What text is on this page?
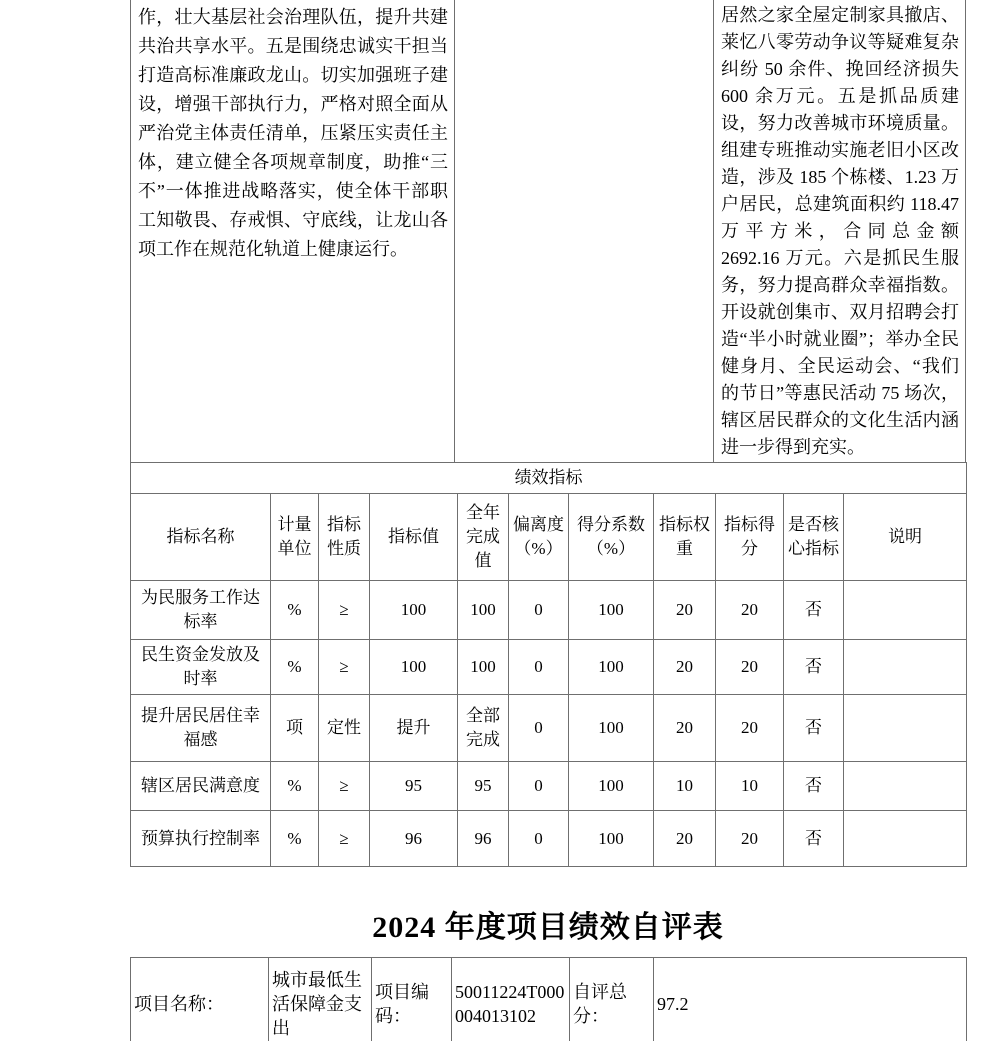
作，壮大基层社会治理队伍，提升共建共治共享水平。五是围绕忠诚实干担当打造高标准廉政龙山。切实加强班子建设，增强干部执行力，严格对照全面从严治党主体责任清单，压紧压实责任主体，建立健全各项规章制度，助推“三不”一体推进战略落实，使全体干部职工知敬畏、存戒惧、守底线，让龙山各项工作在规范化轨道上健康运行。
居然之家全屋定制家具撤店、莱忆八零劳动争议等疑难复杂纠纷 50 余件、挽回经济损失 600 余万元。五是抓品质建设，努力改善城市环境质量。组建专班推动实施老旧小区改造，涉及 185 个栋楼、1.23 万户居民，总建筑面积约 118.47 万平方米，合同总金额 2692.16 万元。六是抓民生服务，努力提高群众幸福指数。开设就创集市、双月招聘会打造“半小时就业圈”；举办全民健身月、全民运动会、“我们的节日”等惠民活动 75 场次，辖区居民群众的文化生活内涵进一步得到充实。
绩效指标										
指标名称	计量单位	指标性质	指标值	全年完成值	偏离度（%）	得分系数（%）	指标权重	指标得分	是否核心指标	说明
为民服务工作达标率	%	≥	100	100	0	100	20	20	否	
民生资金发放及时率	%	≥	100	100	0	100	20	20	否	
提升居民居住幸福感	项	定性	提升	全部完成	0	100	20	20	否	
辖区居民满意度	%	≥	95	95	0	100	10	10	否	
预算执行控制率	%	≥	96	96	0	100	20	20	否	
2024 年度项目绩效自评表
项目名称：	城市最低生活保障金支出	项目编码：	50011224T000004013102	自评总分：	97.2
